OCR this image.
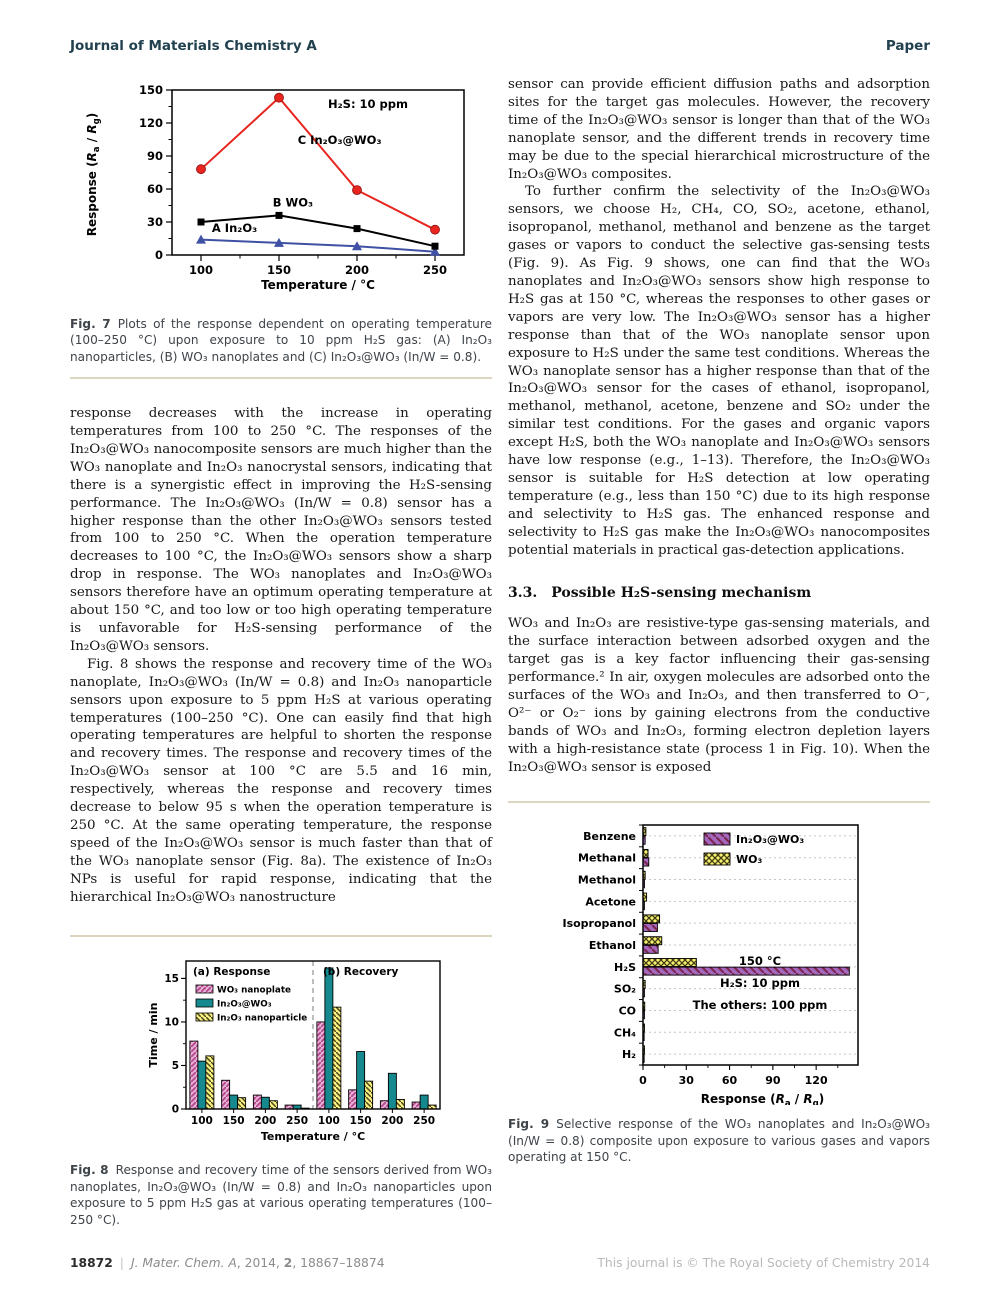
Journal of Materials Chemistry A	Paper
0
30
60
90
120
150
100	150	200	250
Temperature / °C
Response $(R_a / R_g)$
H₂S: 10 ppm
A In₂O₃
B WO₃
C In₂O₃@WO₃

Fig. 7 Plots of the response dependent on operating temperature (100–250 °C) upon exposure to 10 ppm H₂S gas: (A) In₂O₃ nanoparticles, (B) WO₃ nanoplates and (C) In₂O₃@WO₃ (In/W = 0.8).

response decreases with the increase in operating temperatures from 100 to 250 °C. The responses of the In₂O₃@WO₃ nanocomposite sensors are much higher than the WO₃ nanoplate and In₂O₃ nanocrystal sensors, indicating that there is a synergistic effect in improving the H₂S-sensing performance. The In₂O₃@WO₃ (In/W = 0.8) sensor has a higher response than the other In₂O₃@WO₃ sensors tested from 100 to 250 °C. When the operation temperature decreases to 100 °C, the In₂O₃@WO₃ sensors show a sharp drop in response. The WO₃ nanoplates and In₂O₃@WO₃ sensors therefore have an optimum operating temperature at about 150 °C, and too low or too high operating temperature is unfavorable for H₂S-sensing performance of the In₂O₃@WO₃ sensors.

Fig. 8 shows the response and recovery time of the WO₃ nanoplate, In₂O₃@WO₃ (In/W = 0.8) and In₂O₃ nanoparticle sensors upon exposure to 5 ppm H₂S at various operating temperatures (100–250 °C). One can easily find that high operating temperatures are helpful to shorten the response and recovery times. The response and recovery times of the In₂O₃@WO₃ sensor at 100 °C are 5.5 and 16 min, respectively, whereas the response and recovery times decrease to below 95 s when the operation temperature is 250 °C. At the same operating temperature, the response speed of the In₂O₃@WO₃ sensor is much faster than that of the WO₃ nanoplate sensor (Fig. 8a). The existence of In₂O₃ NPs is useful for rapid response, indicating that the hierarchical In₂O₃@WO₃ nanostructure

100 150 200 250 100 150 200 250
0
5
10
15
Temperature / °C
Time / min
(a) Response	(b) Recovery
WO₃ nanoplate
In₂O₃@WO₃
In₂O₃ nanoparticle

Fig. 8 Response and recovery time of the sensors derived from WO₃ nanoplates, In₂O₃@WO₃ (In/W = 0.8) and In₂O₃ nanoparticles upon exposure to 5 ppm H₂S gas at various operating temperatures (100–250 °C).

sensor can provide efficient diffusion paths and adsorption sites for the target gas molecules. However, the recovery time of the In₂O₃@WO₃ sensor is longer than that of the WO₃ nanoplate sensor, and the different trends in recovery time may be due to the special hierarchical microstructure of the In₂O₃@WO₃ composites.

To further confirm the selectivity of the In₂O₃@WO₃ sensors, we choose H₂, CH₄, CO, SO₂, acetone, ethanol, isopropanol, methanol, methanol and benzene as the target gases or vapors to conduct the selective gas-sensing tests (Fig. 9). As Fig. 9 shows, one can find that the WO₃ nanoplates and In₂O₃@WO₃ sensors show high response to H₂S gas at 150 °C, whereas the responses to other gases or vapors are very low. The In₂O₃@WO₃ sensor has a higher response than that of the WO₃ nanoplate sensor upon exposure to H₂S under the same test conditions. Whereas the WO₃ nanoplate sensor has a higher response than that of the In₂O₃@WO₃ sensor for the cases of ethanol, isopropanol, methanol, methanol, acetone, benzene and SO₂ under the similar test conditions. For the gases and organic vapors except H₂S, both the WO₃ nanoplate and In₂O₃@WO₃ sensors have low response (e.g., 1–13). Therefore, the In₂O₃@WO₃ sensor is suitable for H₂S detection at low operating temperature (e.g., less than 150 °C) due to its high response and selectivity to H₂S gas. The enhanced response and selectivity to H₂S gas make the In₂O₃@WO₃ nanocomposites potential materials in practical gas-detection applications.

3.3. Possible H₂S-sensing mechanism

WO₃ and In₂O₃ are resistive-type gas-sensing materials, and the surface interaction between adsorbed oxygen and the target gas is a key factor influencing their gas-sensing performance.² In air, oxygen molecules are adsorbed onto the surfaces of the WO₃ and In₂O₃, and then transferred to O⁻, O²⁻ or O₂⁻ ions by gaining electrons from the conductive bands of WO₃ and In₂O₃, forming electron depletion layers with a high-resistance state (process 1 in Fig. 10). When the In₂O₃@WO₃ sensor is exposed

Benzene
Methanal
Methanol
Acetone
Isopropanol
Ethanol
H₂S
SO₂
CO
CH₄
H₂
0	30	60	90 120
Response $(R_a / R_g)$
In₂O₃@WO₃
WO₃
150 °C
H₂S: 10 ppm
The others: 100 ppm

Fig. 9 Selective response of the WO₃ nanoplates and In₂O₃@WO₃ (In/W = 0.8) composite upon exposure to various gases and vapors operating at 150 °C.

18872 | J. Mater. Chem. A, 2014, 2, 18867–18874	This journal is © The Royal Society of Chemistry 2014
